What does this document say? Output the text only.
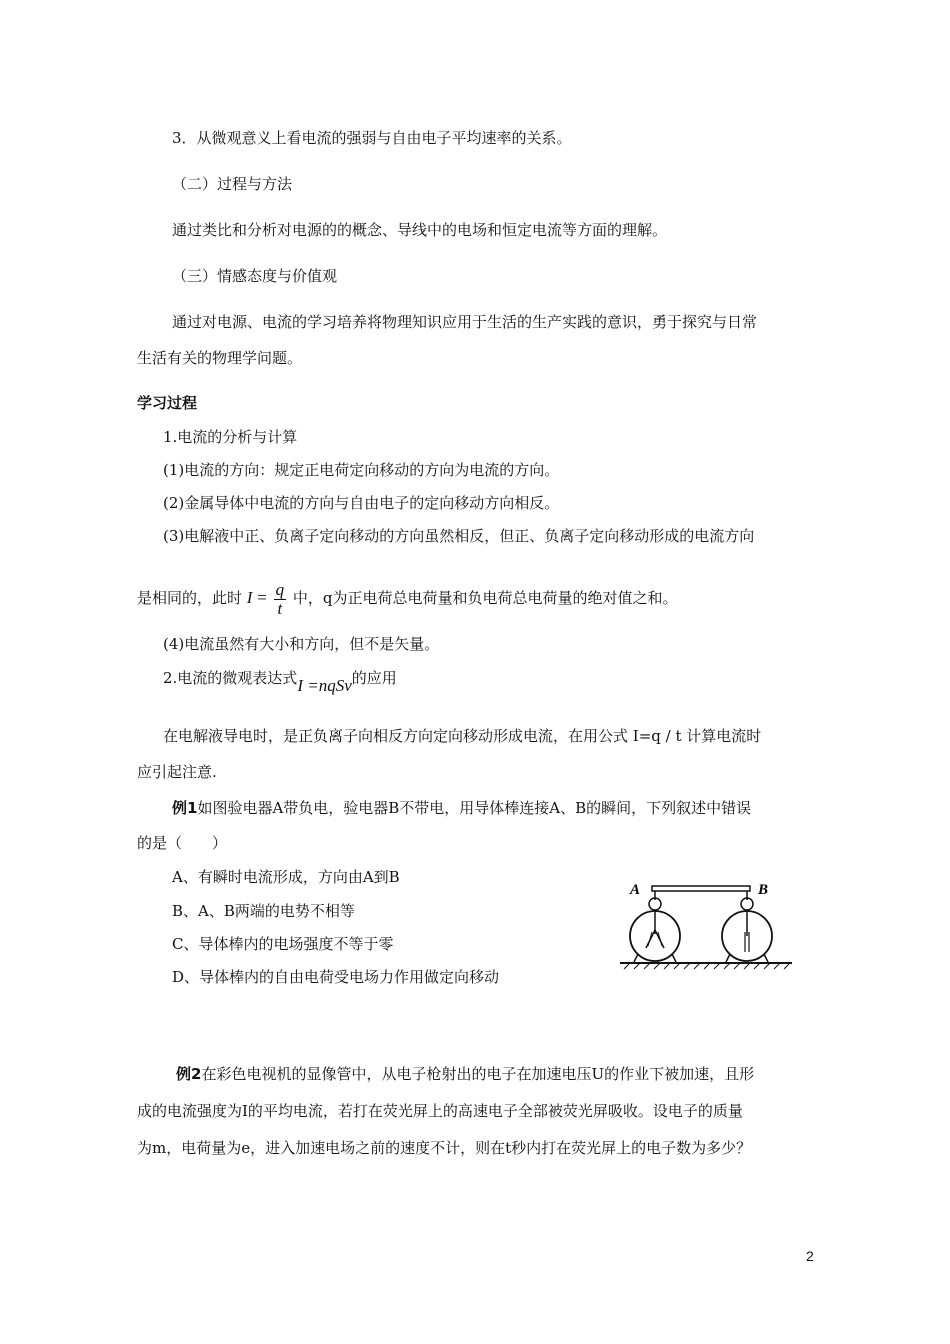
3．从微观意义上看电流的强弱与自由电子平均速率的关系。
（二）过程与方法
通过类比和分析对电源的的概念、导线中的电场和恒定电流等方面的理解。
（三）情感态度与价值观
通过对电源、电流的学习培养将物理知识应用于生活的生产实践的意识，勇于探究与日常
生活有关的物理学问题。
学习过程
1.电流的分析与计算
(1)电流的方向：规定正电荷定向移动的方向为电流的方向。
(2)金属导体中电流的方向与自由电子的定向移动方向相反。
(3)电解液中正、负离子定向移动的方向虽然相反，但正、负离子定向移动形成的电流方向
是相同的，此时 $I = \frac{q}{t}$ 中，q为正电荷总电荷量和负电荷总电荷量的绝对值之和。
(4)电流虽然有大小和方向，但不是矢量。
2.电流的微观表达式I =nqSv的应用
在电解液导电时，是正负离子向相反方向定向移动形成电流，在用公式 I=q / t 计算电流时
应引起注意.
例1如图验电器A带负电，验电器B不带电，用导体棒连接A、B的瞬间，下列叙述中错误
的是（　　）
A、有瞬时电流形成，方向由A到B
B、A、B两端的电势不相等
C、导体棒内的电场强度不等于零
D、导体棒内的自由电荷受电场力作用做定向移动
A	B
例2在彩色电视机的显像管中，从电子枪射出的电子在加速电压U的作业下被加速，且形
成的电流强度为I的平均电流，若打在荧光屏上的高速电子全部被荧光屏吸收。设电子的质量
为m，电荷量为e，进入加速电场之前的速度不计，则在t秒内打在荧光屏上的电子数为多少？
2
